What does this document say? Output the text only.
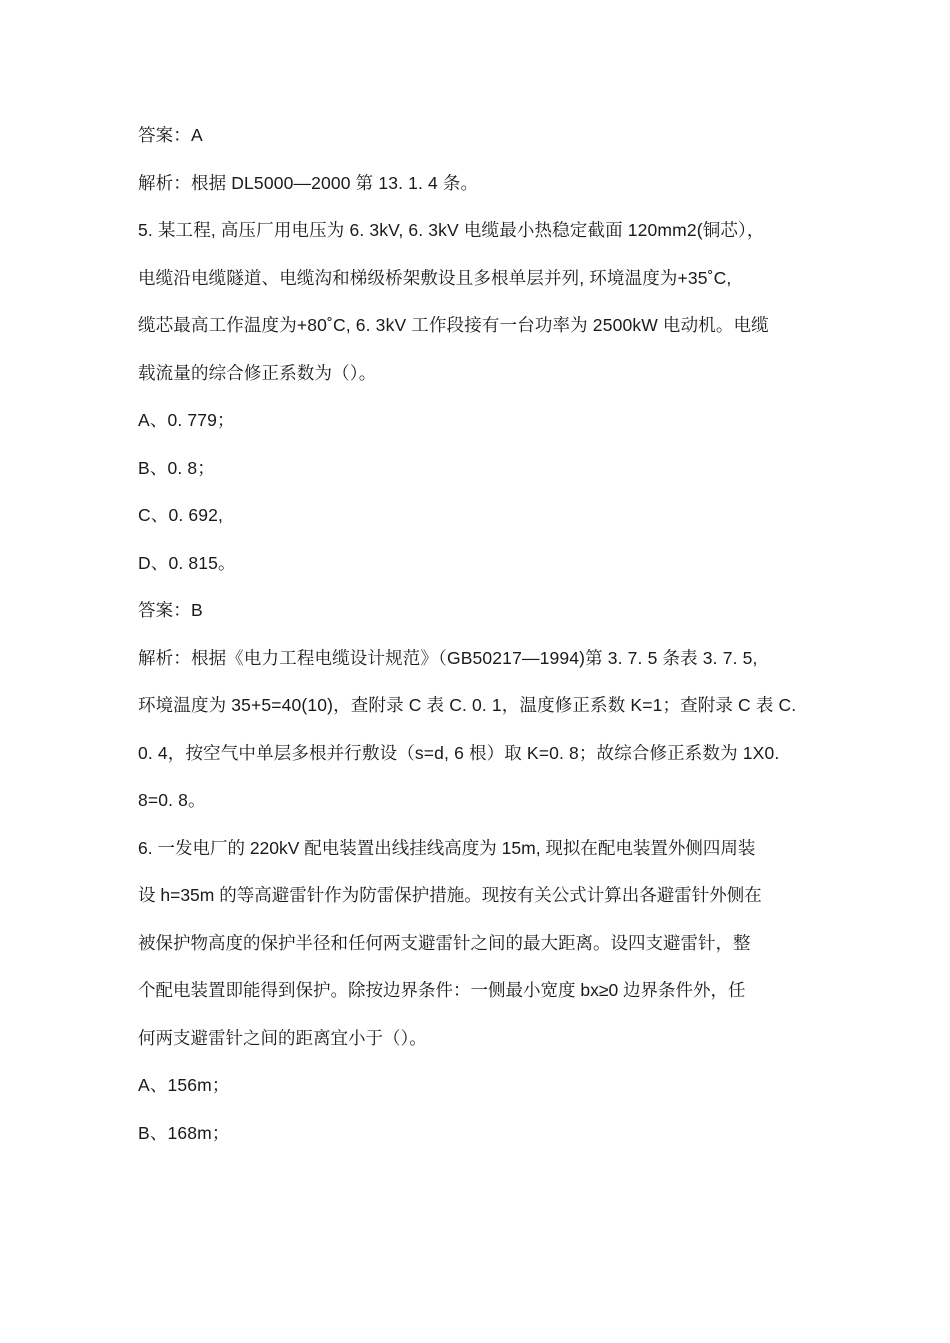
答案：A
解析：根据 DL5000—2000 第 13. 1. 4 条。
5. 某工程, 高压厂用电压为 6. 3kV, 6. 3kV 电缆最小热稳定截面 120mm2(铜芯），
电缆沿电缆隧道、电缆沟和梯级桥架敷设且多根单层并列, 环境温度为+35˚C,
缆芯最高工作温度为+80˚C, 6. 3kV 工作段接有一台功率为 2500kW 电动机。电缆
载流量的综合修正系数为（）。
A、0. 779；
B、0. 8；
C、0. 692,
D、0. 815。
答案：B
解析：根据《电力工程电缆设计规范》（GB50217—1994)第 3. 7. 5 条表 3. 7. 5,
环境温度为 35+5=40(10)，查附录 C 表 C. 0. 1，温度修正系数 K=1；查附录 C 表 C.
0. 4，按空气中单层多根并行敷设（s=d, 6 根）取 K=0. 8；故综合修正系数为 1X0.
8=0. 8。
6. 一发电厂的 220kV 配电装置出线挂线高度为 15m, 现拟在配电装置外侧四周装
设 h=35m 的等高避雷针作为防雷保护措施。现按有关公式计算出各避雷针外侧在
被保护物高度的保护半径和任何两支避雷针之间的最大距离。设四支避雷针，整
个配电装置即能得到保护。除按边界条件：一侧最小宽度 bx≥0 边界条件外，任
何两支避雷针之间的距离宜小于（）。
A、156m；
B、168m；
